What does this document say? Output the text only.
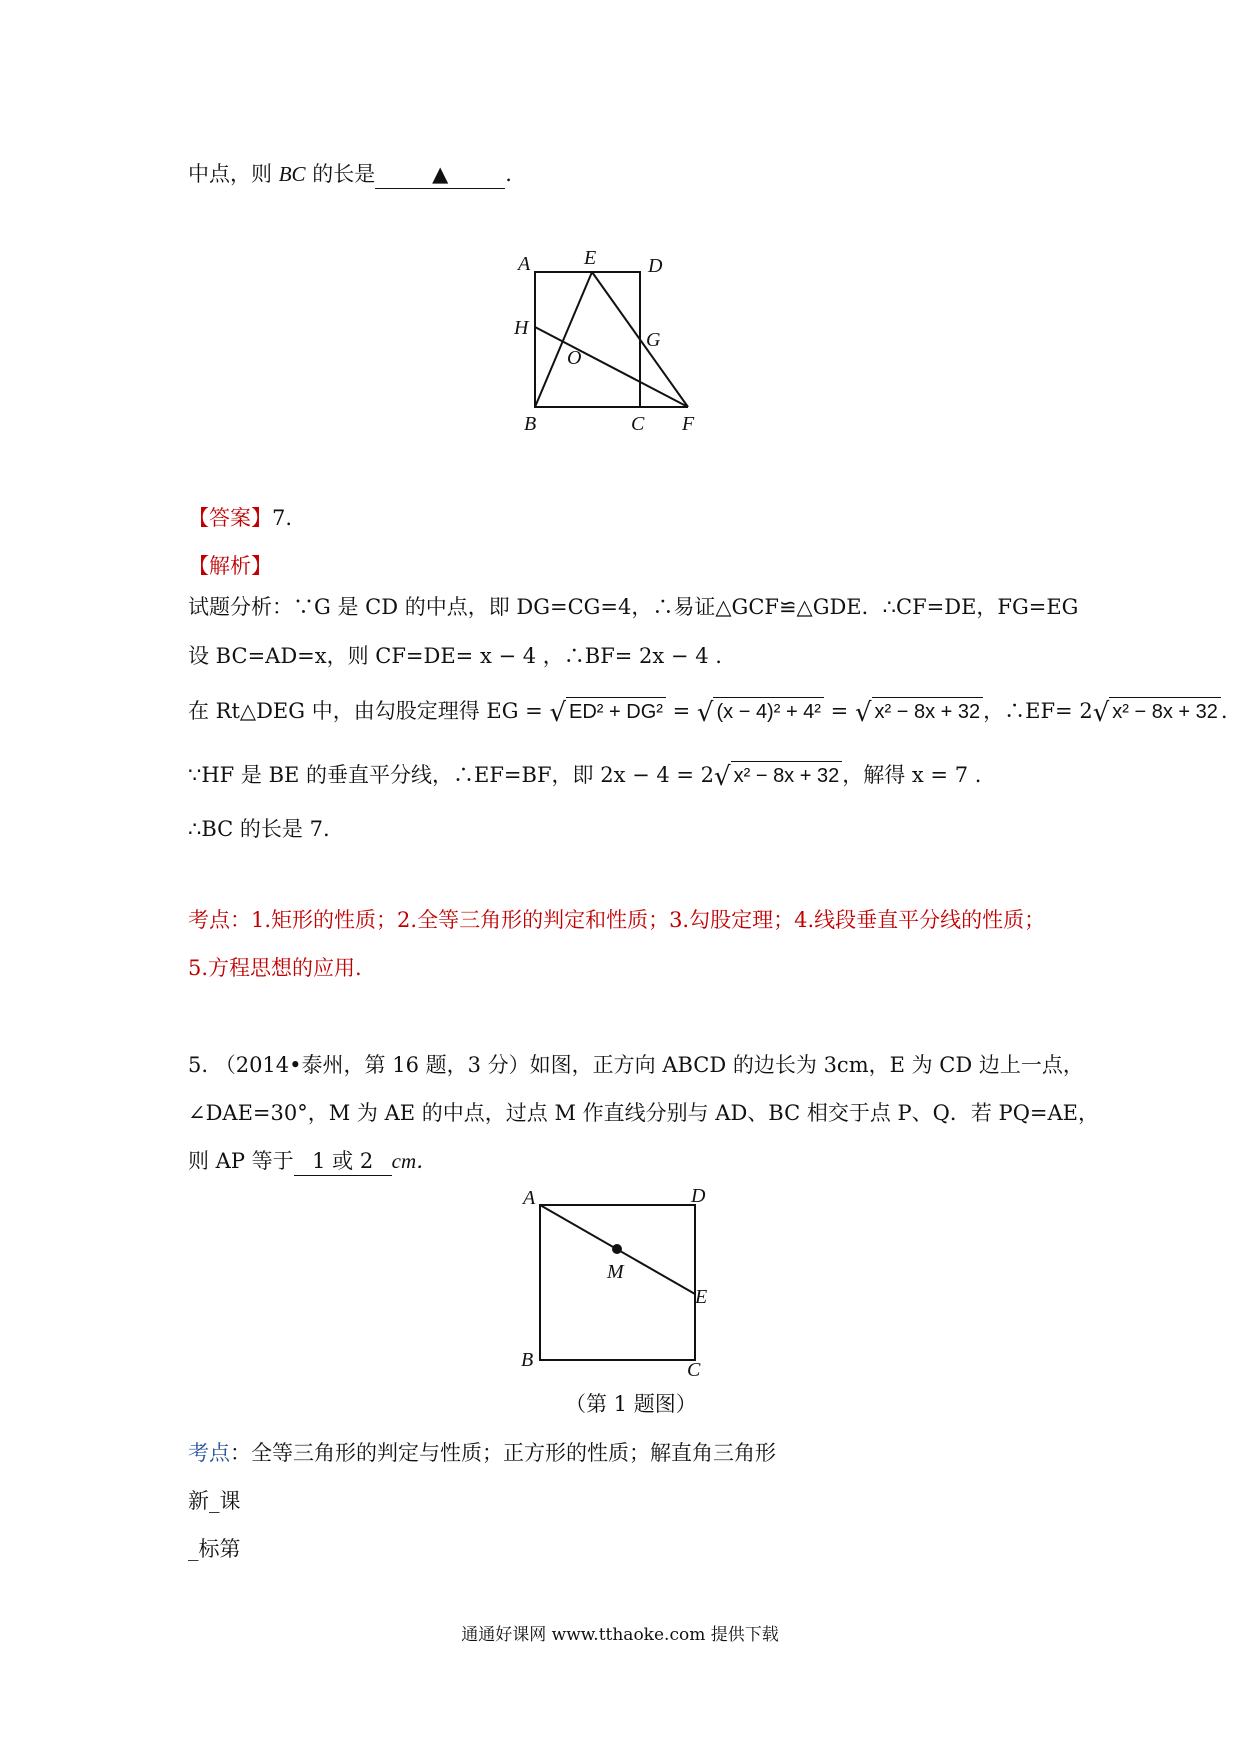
中点，则 BC 的长是	▲	.
A	E	D
H
O
G
B	C F
【答案】7.
【解析】
试题分析：∵G 是 CD 的中点，即 DG=CG=4，∴易证△GCF≌△GDE．∴CF=DE，FG=EG
设 BC=AD=x，则 CF=DE= x − 4 ，∴BF= 2x − 4 .
在 Rt△DEG 中，由勾股定理得 EG = √ ED² + DG² = √ (x − 4)² + 4² = √ x² − 8x + 32 ，∴EF= 2√ x² − 8x + 32 .
∵HF 是 BE 的垂直平分线，∴EF=BF，即 2x − 4 = 2√ x² − 8x + 32 ，解得 x = 7 .
∴BC 的长是 7.
考点：1.矩形的性质；2.全等三角形的判定和性质；3.勾股定理；4.线段垂直平分线的性质；
5.方程思想的应用.
5. （2014•泰州，第 16 题，3 分）如图，正方向 ABCD 的边长为 3cm，E 为 CD 边上一点，
∠DAE=30°，M 为 AE 的中点，过点 M 作直线分别与 AD、BC 相交于点 P、Q．若 PQ=AE，
则 AP 等于 1 或 2 cm．
A	D
M
E
B	C
（第 1 题图）
考点：全等三角形的判定与性质；正方形的性质；解直角三角形
新_课
_标第
通通好课网 www.tthaoke.com 提供下载
